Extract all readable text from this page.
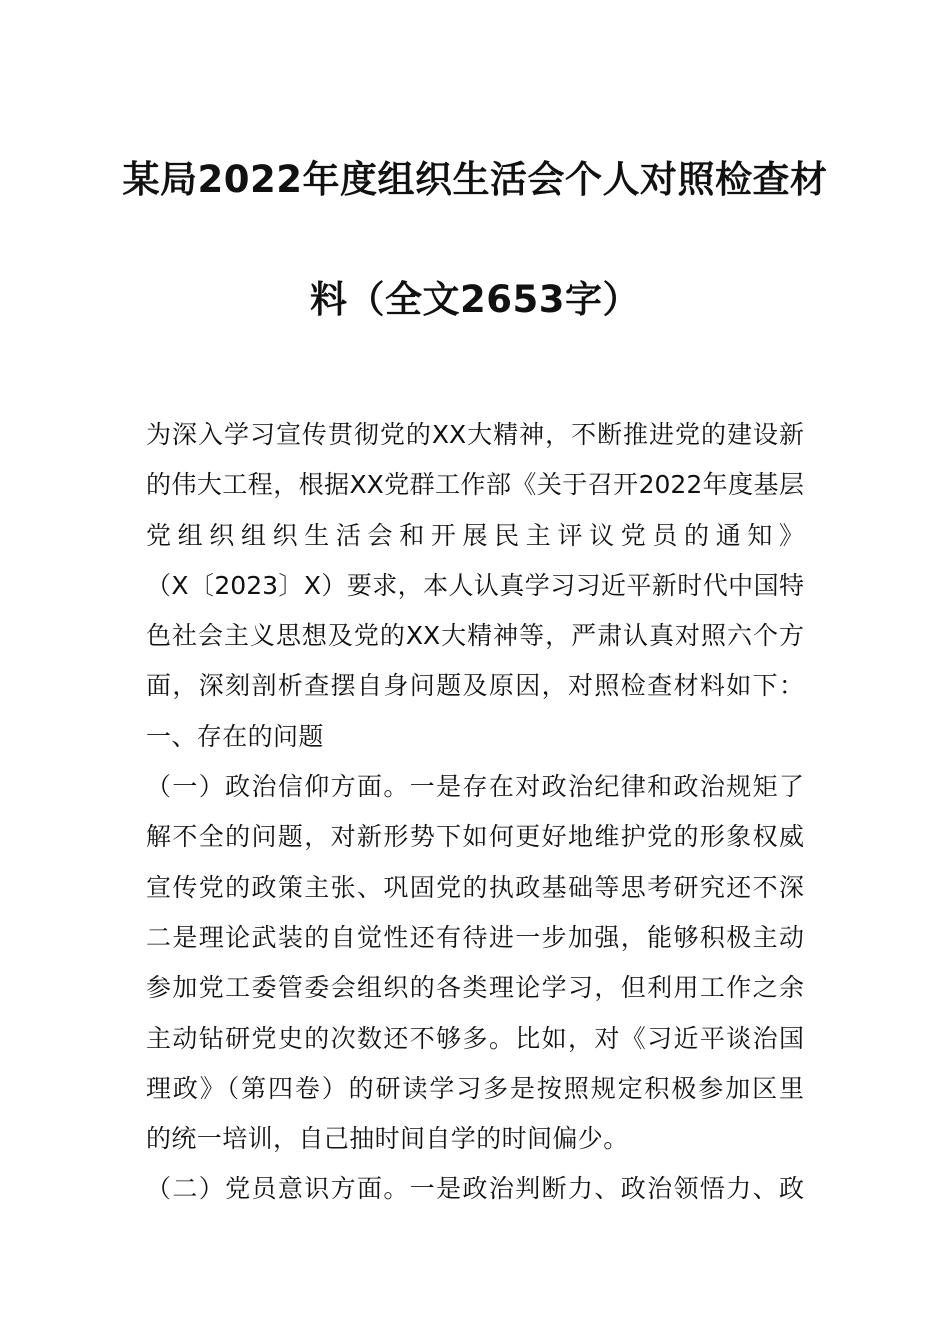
某局2022年度组织生活会个人对照检查材
料（全文2653字）
为深入学习宣传贯彻党的XX大精神，不断推进党的建设新
的伟大工程，根据XX党群工作部《关于召开2022年度基层
党组织组织生活会和开展民主评议党员的通知》
（X〔2023〕X）要求，本人认真学习习近平新时代中国特
色社会主义思想及党的XX大精神等，严肃认真对照六个方
面，深刻剖析查摆自身问题及原因，对照检查材料如下：
一、存在的问题
（一）政治信仰方面。一是存在对政治纪律和政治规矩了
解不全的问题，对新形势下如何更好地维护党的形象权威
宣传党的政策主张、巩固党的执政基础等思考研究还不深
二是理论武装的自觉性还有待进一步加强，能够积极主动
参加党工委管委会组织的各类理论学习，但利用工作之余
主动钻研党史的次数还不够多。比如，对《习近平谈治国
理政》（第四卷）的研读学习多是按照规定积极参加区里
的统一培训，自己抽时间自学的时间偏少。
（二）党员意识方面。一是政治判断力、政治领悟力、政
